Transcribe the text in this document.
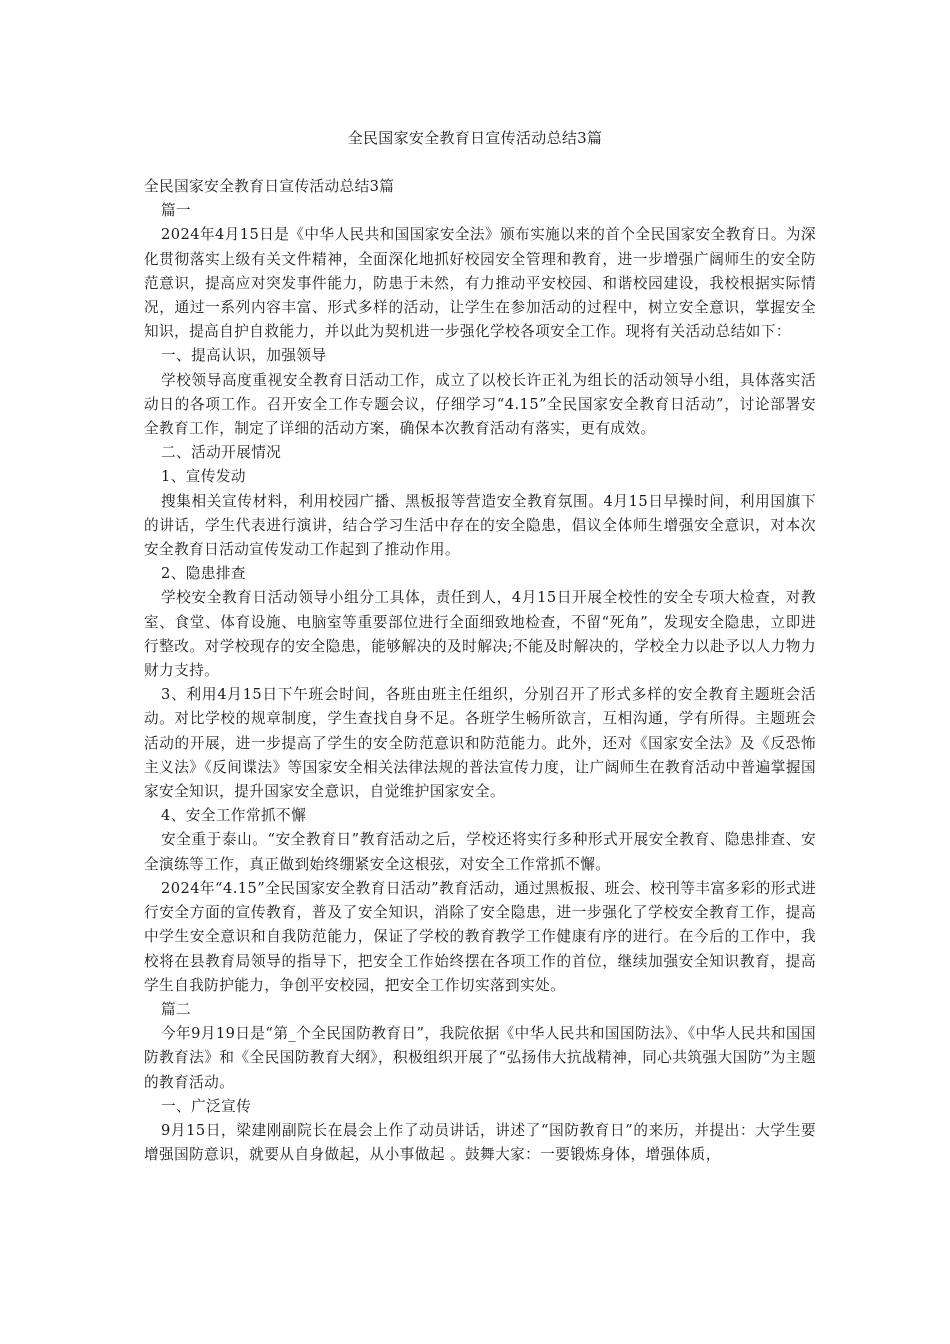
全民国家安全教育日宣传活动总结3篇

全民国家安全教育日宣传活动总结3篇

篇一

2024年4月15日是《中华人民共和国国家安全法》颁布实施以来的首个全民国家安全教育日。为深化贯彻落实上级有关文件精神，全面深化地抓好校园安全管理和教育，进一步增强广阔师生的安全防范意识，提高应对突发事件能力，防患于未然，有力推动平安校园、和谐校园建设，我校根据实际情况，通过一系列内容丰富、形式多样的活动，让学生在参加活动的过程中，树立安全意识，掌握安全知识，提高自护自救能力，并以此为契机进一步强化学校各项安全工作。现将有关活动总结如下：

一、提高认识，加强领导

学校领导高度重视安全教育日活动工作，成立了以校长许正礼为组长的活动领导小组，具体落实活动日的各项工作。召开安全工作专题会议，仔细学习“4.15”全民国家安全教育日活动”，讨论部署安全教育工作，制定了详细的活动方案，确保本次教育活动有落实，更有成效。

二、活动开展情况

1、宣传发动

搜集相关宣传材料，利用校园广播、黑板报等营造安全教育氛围。4月15日早操时间，利用国旗下的讲话，学生代表进行演讲，结合学习生活中存在的安全隐患，倡议全体师生增强安全意识，对本次安全教育日活动宣传发动工作起到了推动作用。

2、隐患排查

学校安全教育日活动领导小组分工具体，责任到人，4月15日开展全校性的安全专项大检查，对教室、食堂、体育设施、电脑室等重要部位进行全面细致地检查，不留“死角”，发现安全隐患，立即进行整改。对学校现存的安全隐患，能够解决的及时解决;不能及时解决的，学校全力以赴予以人力物力财力支持。

3、利用4月15日下午班会时间，各班由班主任组织，分别召开了形式多样的安全教育主题班会活动。对比学校的规章制度，学生查找自身不足。各班学生畅所欲言，互相沟通，学有所得。主题班会活动的开展，进一步提高了学生的安全防范意识和防范能力。此外，还对《国家安全法》及《反恐怖主义法》《反间谍法》等国家安全相关法律法规的普法宣传力度，让广阔师生在教育活动中普遍掌握国家安全知识，提升国家安全意识，自觉维护国家安全。

4、安全工作常抓不懈

安全重于泰山。“安全教育日”教育活动之后，学校还将实行多种形式开展安全教育、隐患排查、安全演练等工作，真正做到始终绷紧安全这根弦，对安全工作常抓不懈。

2024年“4.15”全民国家安全教育日活动”教育活动，通过黑板报、班会、校刊等丰富多彩的形式进行安全方面的宣传教育，普及了安全知识，消除了安全隐患，进一步强化了学校安全教育工作，提高中学生安全意识和自我防范能力，保证了学校的教育教学工作健康有序的进行。在今后的工作中，我校将在县教育局领导的指导下，把安全工作始终摆在各项工作的首位，继续加强安全知识教育，提高学生自我防护能力，争创平安校园，把安全工作切实落到实处。

篇二

今年9月19日是“第_个全民国防教育日”，我院依据《中华人民共和国国防法》、《中华人民共和国国防教育法》和《全民国防教育大纲》，积极组织开展了“弘扬伟大抗战精神，同心共筑强大国防”为主题的教育活动。

一、广泛宣传

9月15日，梁建刚副院长在晨会上作了动员讲话，讲述了“国防教育日”的来历，并提出：大学生要增强国防意识，就要从自身做起，从小事做起 。鼓舞大家：一要锻炼身体，增强体质，
